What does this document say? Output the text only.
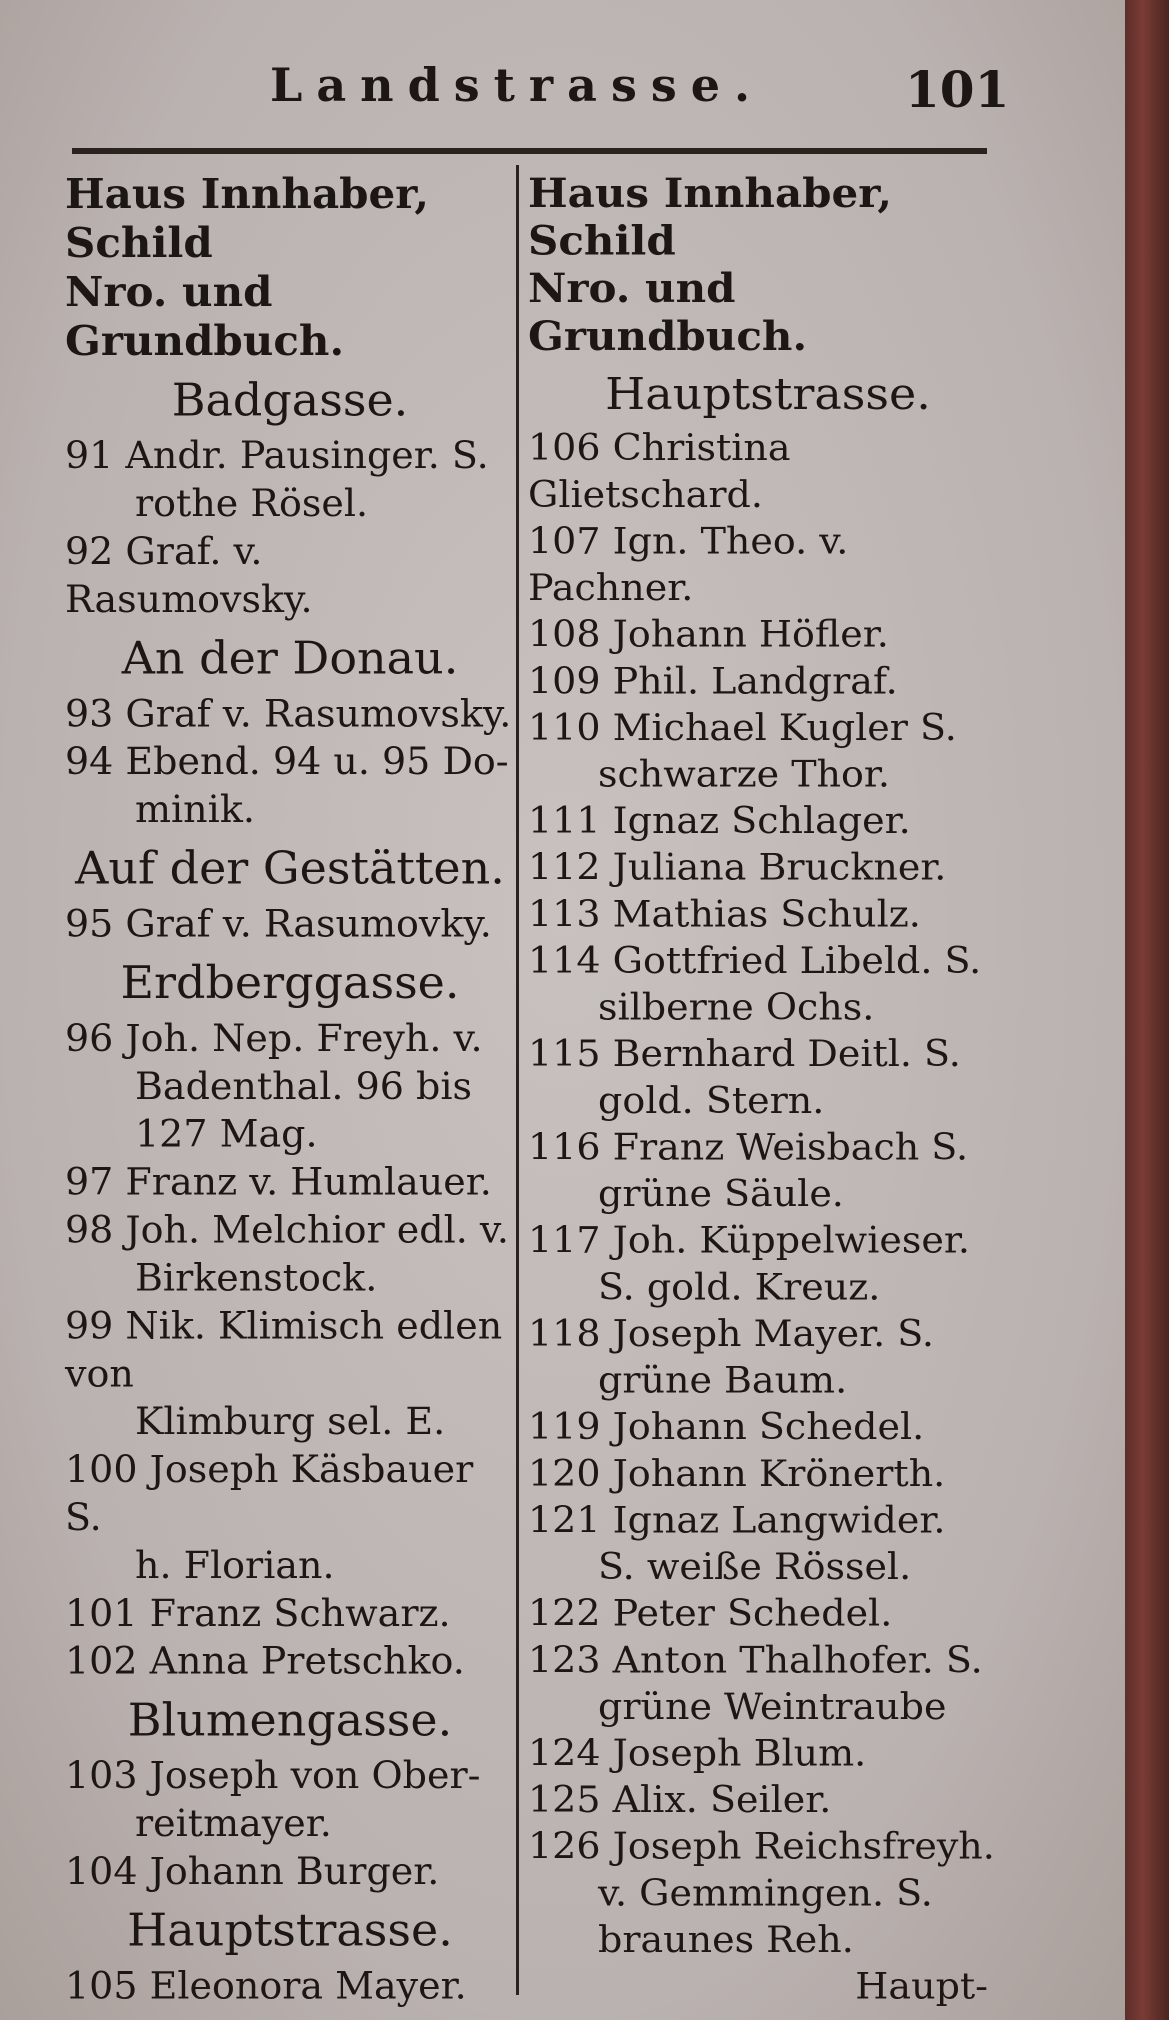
Landstrasse.	101
Haus Innhaber, Schild
Nro. und Grundbuch.
Badgasse.
91 Andr. Pausinger. S.
rothe Rösel.
92 Graf. v. Rasumovsky.
An der Donau.
93 Graf v. Rasumovsky.
94 Ebend. 94 u. 95 Do-
minik.
Auf der Gestätten.
95 Graf v. Rasumovky.
Erdberggasse.
96 Joh. Nep. Freyh. v.
Badenthal. 96 bis
127 Mag.
97 Franz v. Humlauer.
98 Joh. Melchior edl. v.
Birkenstock.
99 Nik. Klimisch edlen von
Klimburg sel. E.
100 Joseph Käsbauer S.
h. Florian.
101 Franz Schwarz.
102 Anna Pretschko.
Blumengasse.
103 Joseph von Ober-
reitmayer.
104 Johann Burger.
Hauptstrasse.
105 Eleonora Mayer.
Haus Innhaber, Schild
Nro. und Grundbuch.
Hauptstrasse.
106 Christina Glietschard.
107 Ign. Theo. v. Pachner.
108 Johann Höfler.
109 Phil. Landgraf.
110 Michael Kugler S.
schwarze Thor.
111 Ignaz Schlager.
112 Juliana Bruckner.
113 Mathias Schulz.
114 Gottfried Libeld. S.
silberne Ochs.
115 Bernhard Deitl. S.
gold. Stern.
116 Franz Weisbach S.
grüne Säule.
117 Joh. Küppelwieser.
S. gold. Kreuz.
118 Joseph Mayer. S.
grüne Baum.
119 Johann Schedel.
120 Johann Krönerth.
121 Ignaz Langwider.
S. weiße Rössel.
122 Peter Schedel.
123 Anton Thalhofer. S.
grüne Weintraube
124 Joseph Blum.
125 Alix. Seiler.
126 Joseph Reichsfreyh.
v. Gemmingen. S.
braunes Reh.
Haupt-
